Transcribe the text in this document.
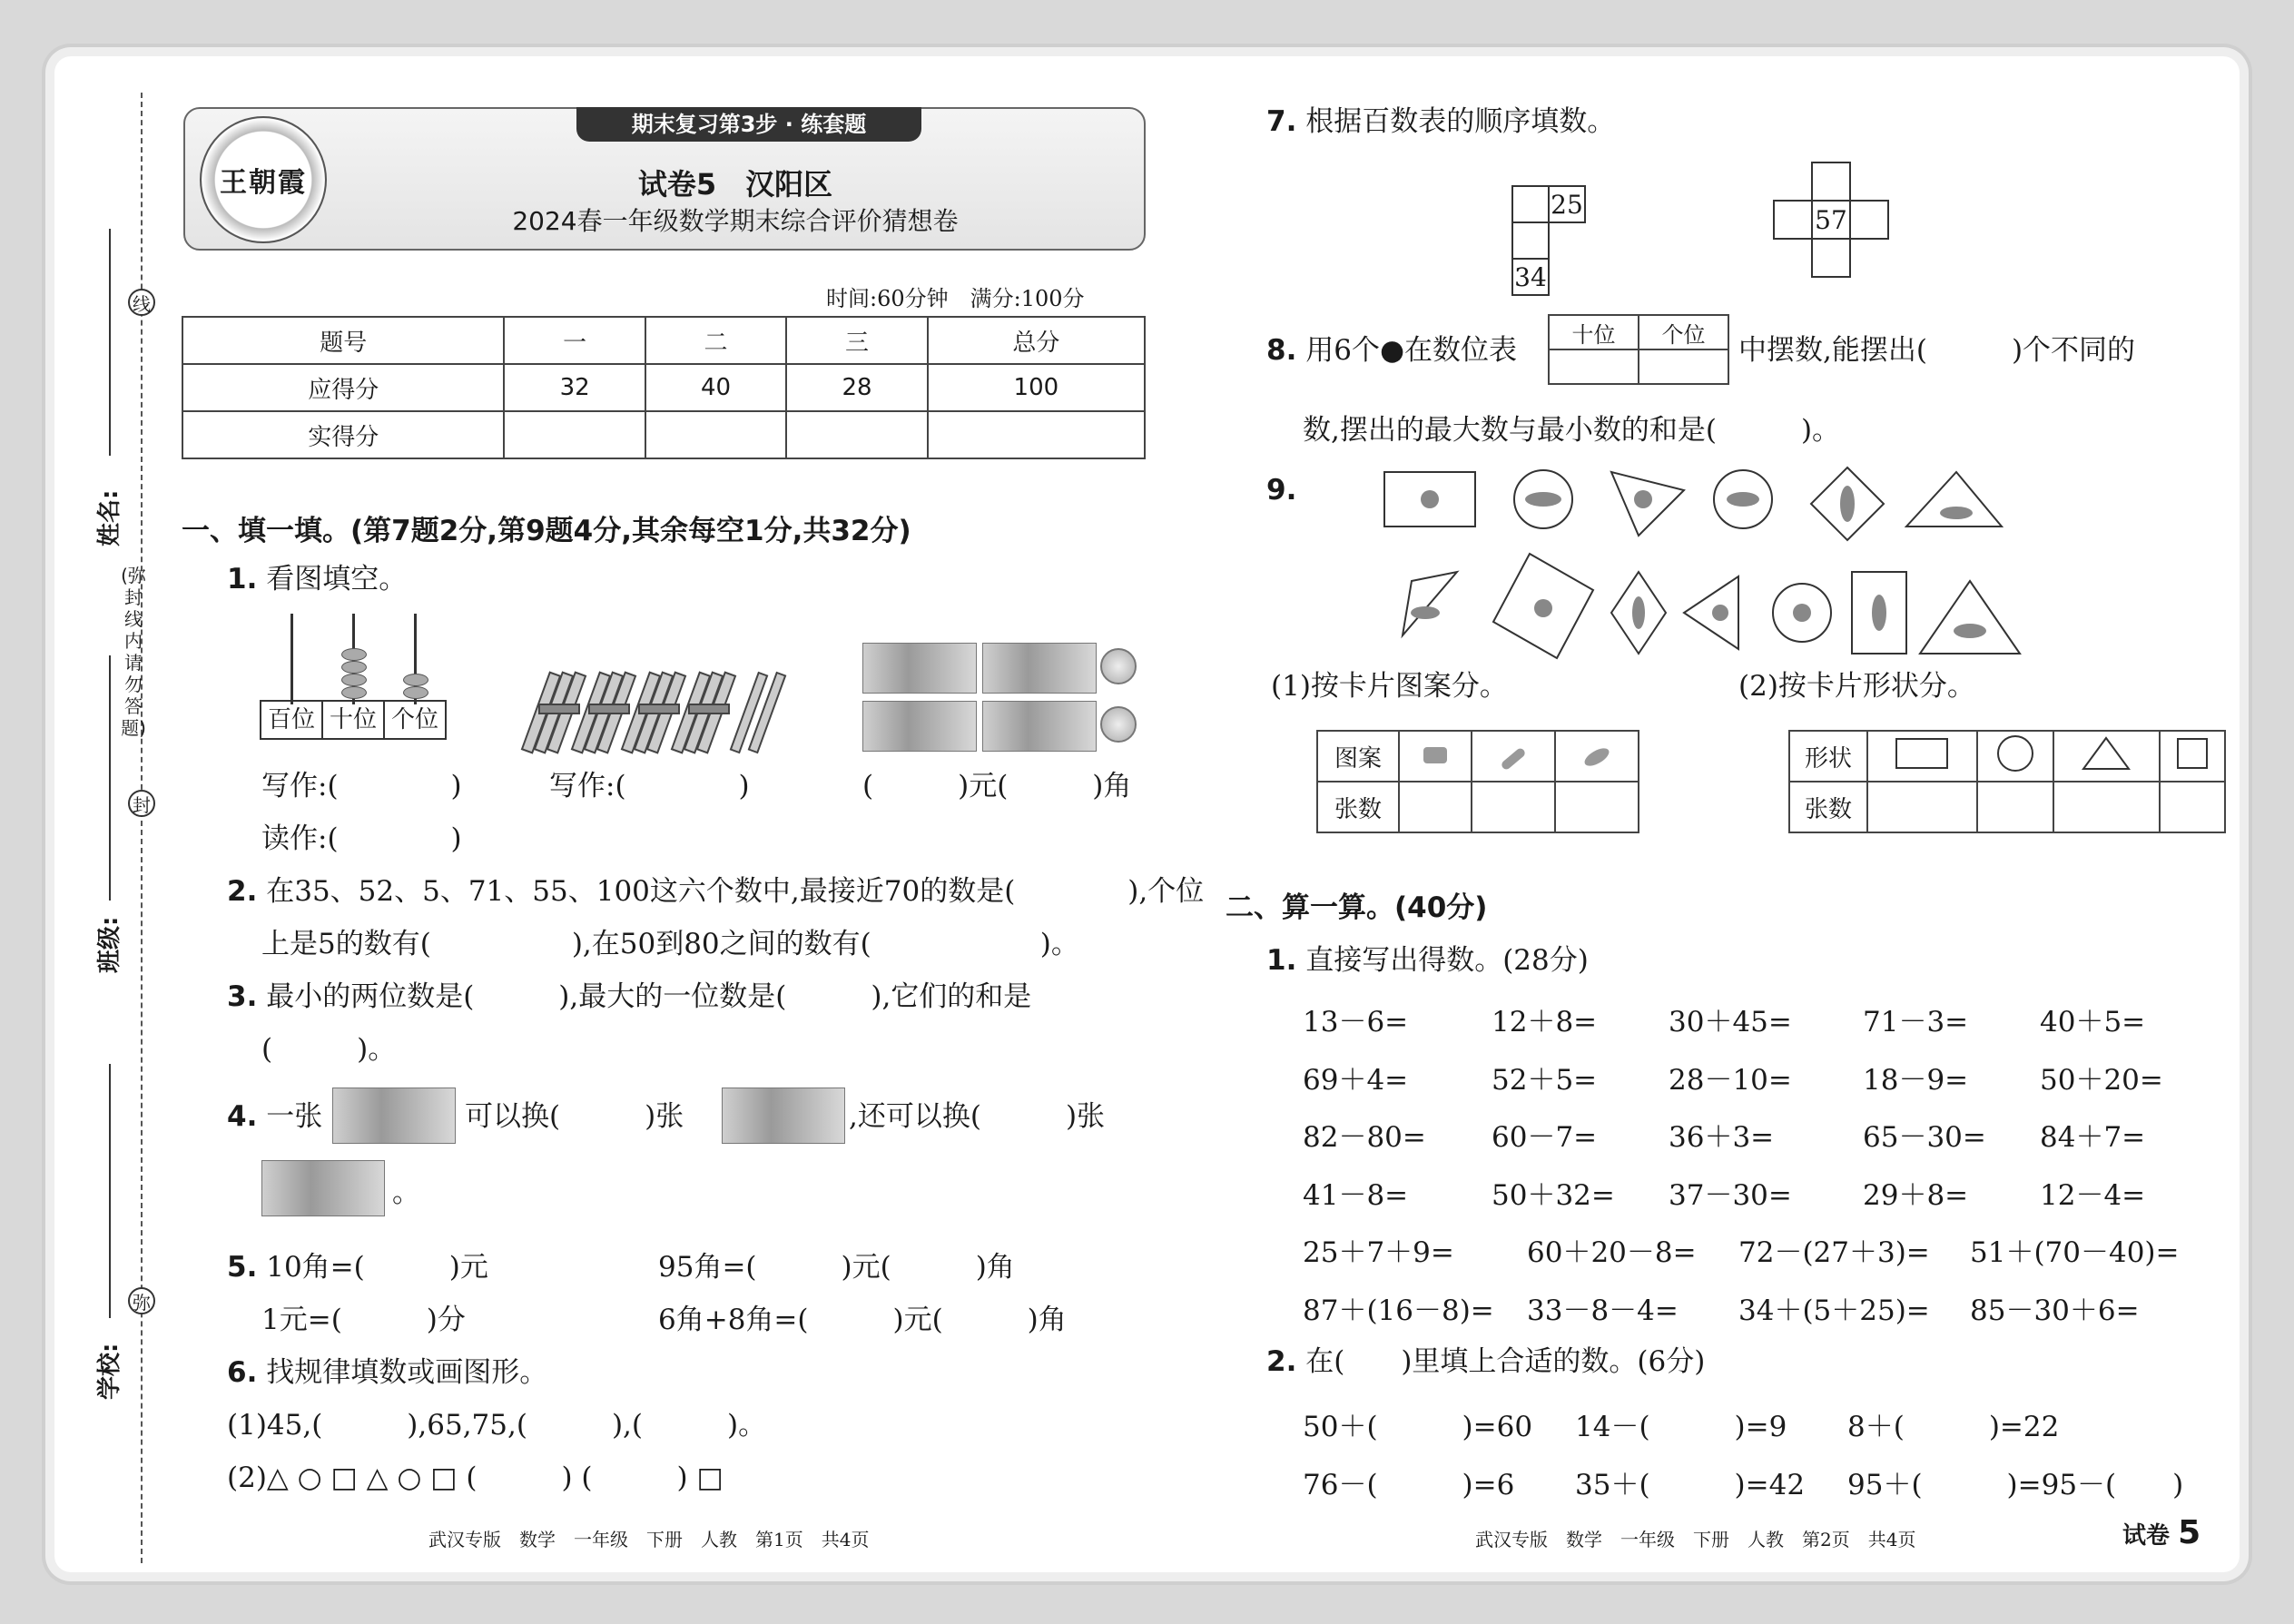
线
封
弥
(弥封线内请勿答题)
姓名:
班级:
学校:
王朝霞
期末复习第3步 · 练套题
试卷5　汉阳区
2024春一年级数学期末综合评价猜想卷
时间:60分钟　满分:100分
题号	一	二	三	总分
应得分	32	40	28	100
实得分				
一、填一填。(第7题2分,第9题4分,其余每空1分,共32分)
1. 看图填空。
百位 十位 个位
写作:(　　　　)	写作:(　　　　)	(　　　)元(　　　)角
读作:(　　　　)
2. 在35、52、5、71、55、100这六个数中,最接近70的数是(　　　　),个位
上是5的数有(　　　　　),在50到80之间的数有(　　　　　　)。
3. 最小的两位数是(　　　),最大的一位数是(　　　),它们的和是
(　　　)。
4. 一张	可以换(　　　)张	,还可以换(　　　)张
。
5. 10角=(　　　)元	95角=(　　　)元(　　　)角
1元=(　　　)分	6角+8角=(　　　)元(　　　)角
6. 找规律填数或画图形。
(1)45,(　　　),65,75,(　　　),(　　　)。
(2)△ ○ □ △ ○ □ (　　　) (　　　) □
武汉专版　数学　一年级　下册　人教　第1页　共4页
7. 根据百数表的顺序填数。
25
34
57
8. 用6个●在数位表	十位	个位
	中摆数,能摆出(　　　)个不同的
数,摆出的最大数与最小数的和是(　　　)。
9.
(1)按卡片图案分。	(2)按卡片形状分。
图案			
张数			
形状				
张数				
二、算一算。(40分)
1. 直接写出得数。(28分)
13－6=	12＋8=	30＋45=	71－3=	40＋5=
69＋4=	52＋5=	28－10=	18－9=	50＋20=
82－80= 60－7=	36＋3=	65－30= 84＋7=
41－8=	50＋32= 37－30=	29＋8=	12－4=
25＋7＋9=	60＋20－8= 72－(27＋3)= 51＋(70－40)=
87＋(16－8)= 33－8－4= 34＋(5＋25)= 85－30＋6=
2. 在(　　)里填上合适的数。(6分)
50＋(　　　)=60 14－(　　　)=9 8＋(　　　)=22
76－(　　　)=6 35＋(　　　)=42 95＋(　　　)=95－(　　)
武汉专版　数学　一年级　下册　人教　第2页　共4页	试卷 5
